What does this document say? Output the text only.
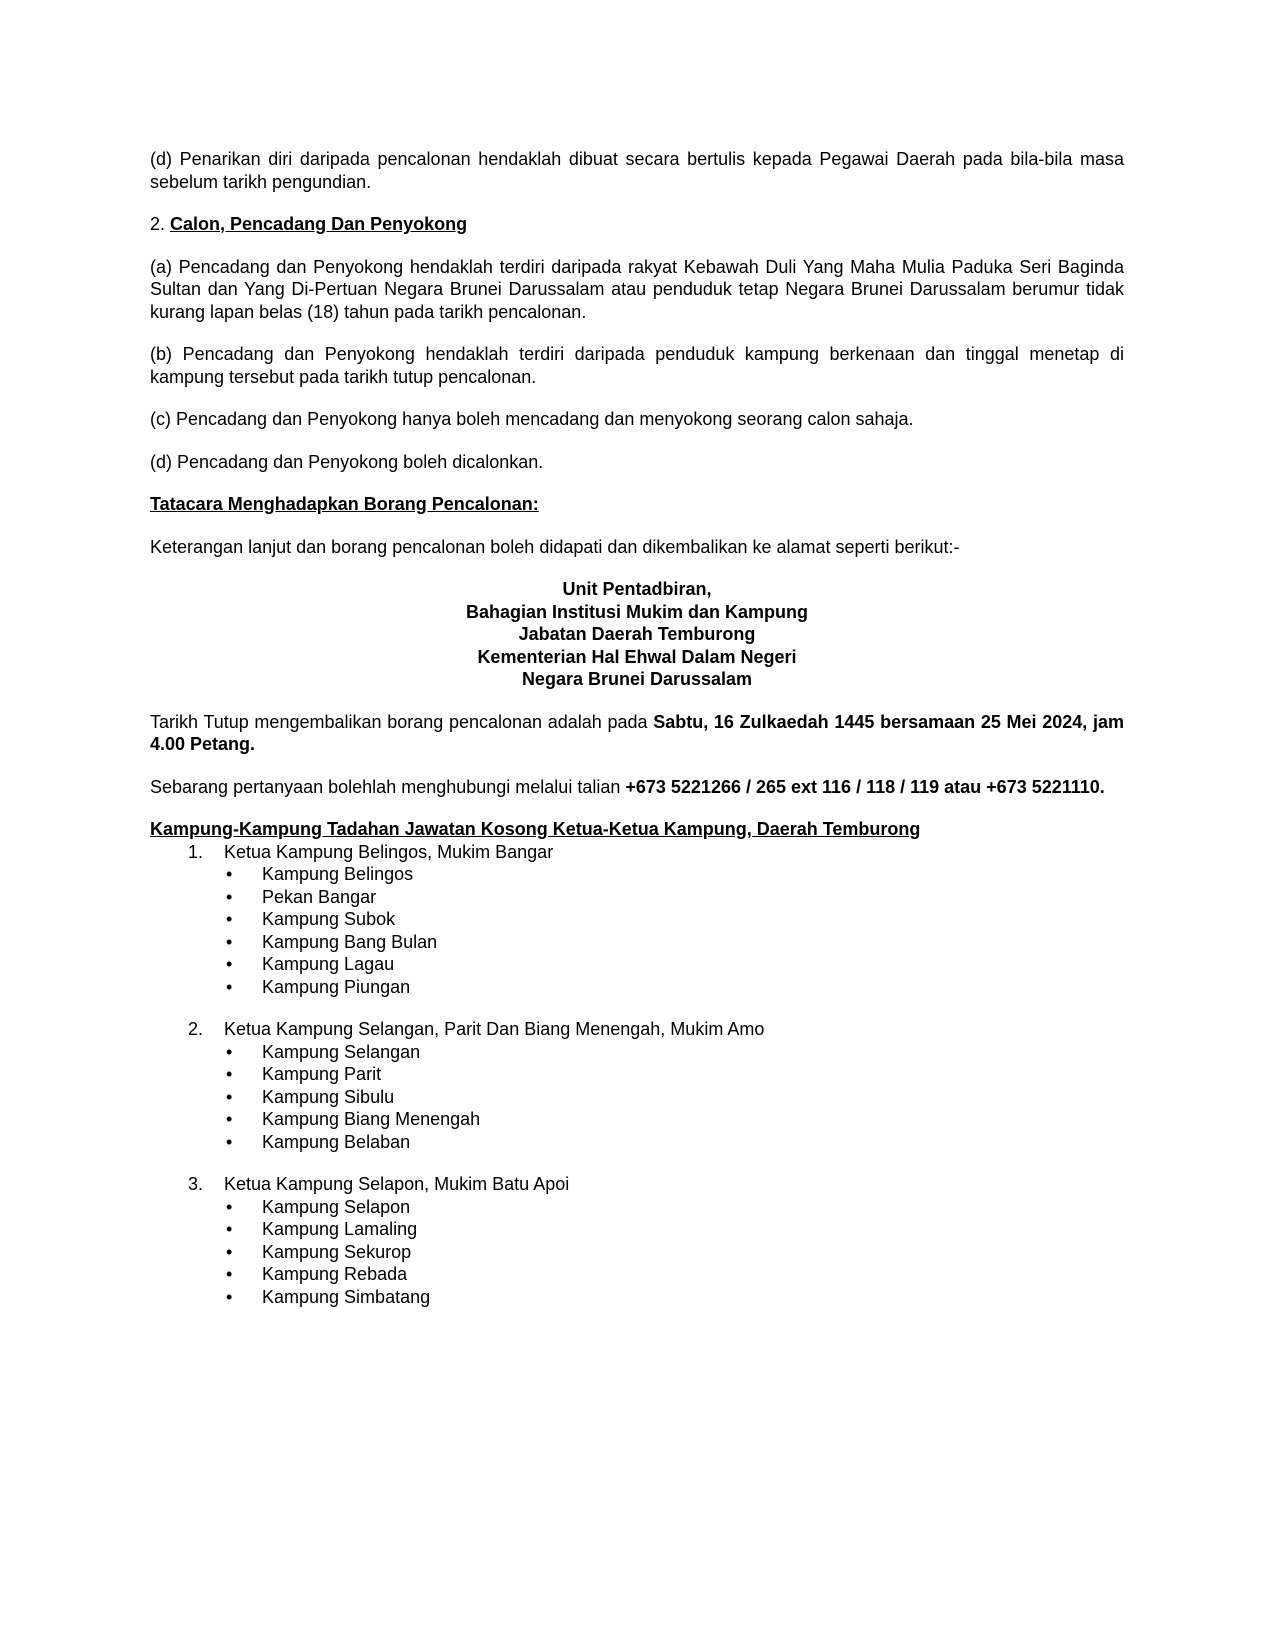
(d) Penarikan diri daripada pencalonan hendaklah dibuat secara bertulis kepada Pegawai Daerah pada bila-bila masa sebelum tarikh pengundian.

2. Calon, Pencadang Dan Penyokong

(a) Pencadang dan Penyokong hendaklah terdiri daripada rakyat Kebawah Duli Yang Maha Mulia Paduka Seri Baginda Sultan dan Yang Di-Pertuan Negara Brunei Darussalam atau penduduk tetap Negara Brunei Darussalam berumur tidak kurang lapan belas (18) tahun pada tarikh pencalonan.

(b) Pencadang dan Penyokong hendaklah terdiri daripada penduduk kampung berkenaan dan tinggal menetap di kampung tersebut pada tarikh tutup pencalonan.

(c) Pencadang dan Penyokong hanya boleh mencadang dan menyokong seorang calon sahaja.

(d) Pencadang dan Penyokong boleh dicalonkan.

Tatacara Menghadapkan Borang Pencalonan:

Keterangan lanjut dan borang pencalonan boleh didapati dan dikembalikan ke alamat seperti berikut:-

Unit Pentadbiran,

Bahagian Institusi Mukim dan Kampung

Jabatan Daerah Temburong

Kementerian Hal Ehwal Dalam Negeri

Negara Brunei Darussalam

Tarikh Tutup mengembalikan borang pencalonan adalah pada Sabtu, 16 Zulkaedah 1445 bersamaan 25 Mei 2024, jam 4.00 Petang.

Sebarang pertanyaan bolehlah menghubungi melalui talian +673 5221266 / 265 ext 116 / 118 / 119 atau +673 5221110.

Kampung-Kampung Tadahan Jawatan Kosong Ketua-Ketua Kampung, Daerah Temburong

1. Ketua Kampung Belingos, Mukim Bangar
• Kampung Belingos
• Pekan Bangar
• Kampung Subok
• Kampung Bang Bulan
• Kampung Lagau
• Kampung Piungan
2. Ketua Kampung Selangan, Parit Dan Biang Menengah, Mukim Amo
• Kampung Selangan
• Kampung Parit
• Kampung Sibulu
• Kampung Biang Menengah
• Kampung Belaban
3. Ketua Kampung Selapon, Mukim Batu Apoi
• Kampung Selapon
• Kampung Lamaling
• Kampung Sekurop
• Kampung Rebada
• Kampung Simbatang
